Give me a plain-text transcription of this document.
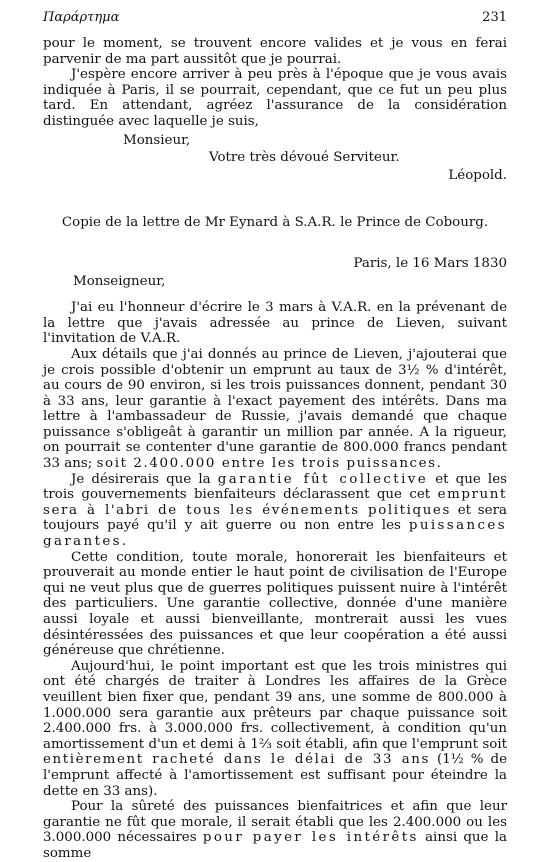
Παράρτημα	231

pour le moment, se trouvent encore valides et je vous en ferai parvenir de ma part aussitôt que je pourrai.

J'espère encore arriver à peu près à l'époque que je vous avais indiquée à Paris, il se pourrait, cependant, que ce fut un peu plus tard. En attendant, agréez l'assurance de la considération distinguée avec laquelle je suis,

Monsieur,

Votre très dévoué Serviteur.

Léopold.

Copie de la lettre de Mr Eynard à S.A.R. le Prince de Cobourg.

Paris, le 16 Mars 1830

Monseigneur,

J'ai eu l'honneur d'écrire le 3 mars à V.A.R. en la prévenant de la lettre que j'avais adressée au prince de Lieven, suivant l'invitation de V.A.R.

Aux détails que j'ai donnés au prince de Lieven, j'ajouterai que je crois possible d'obtenir un emprunt au taux de 3½ % d'intérêt, au cours de 90 environ, si les trois puissances donnent, pendant 30 à 33 ans, leur garantie à l'exact payement des intérêts. Dans ma lettre à l'ambassadeur de Russie, j'avais demandé que chaque puissance s'obligeât à garantir un million par année. A la rigueur, on pourrait se contenter d'une garantie de 800.000 francs pendant 33 ans; soit 2.400.000 entre les trois puissances.

Je désirerais que la garantie fût collective et que les trois gouvernements bienfaiteurs déclarassent que cet emprunt sera à l'abri de tous les événements politiques et sera toujours payé qu'il y ait guerre ou non entre les puissances garantes.

Cette condition, toute morale, honorerait les bienfaiteurs et prouverait au monde entier le haut point de civilisation de l'Europe qui ne veut plus que de guerres politiques puissent nuire à l'intérêt des particuliers. Une garantie collective, donnée d'une manière aussi loyale et aussi bienveillante, montrerait aussi les vues désintéressées des puissances et que leur coopération a été aussi généreuse que chrétienne.

Aujourd'hui, le point important est que les trois ministres qui ont été chargés de traiter à Londres les affaires de la Grèce veuillent bien fixer que, pendant 39 ans, une somme de 800.000 à 1.000.000 sera garantie aux prêteurs par chaque puissance soit 2.400.000 frs. à 3.000.000 frs. collectivement, à condition qu'un amortissement d'un et demi à 1⅔ soit établi, afin que l'emprunt soit entièrement racheté dans le délai de 33 ans (1½ % de l'emprunt affecté à l'amortissement est suffisant pour éteindre la dette en 33 ans).

Pour la sûreté des puissances bienfaitrices et afin que leur garantie ne fût que morale, il serait établi que les 2.400.000 ou les 3.000.000 nécessaires pour payer les intérêts ainsi que la somme
